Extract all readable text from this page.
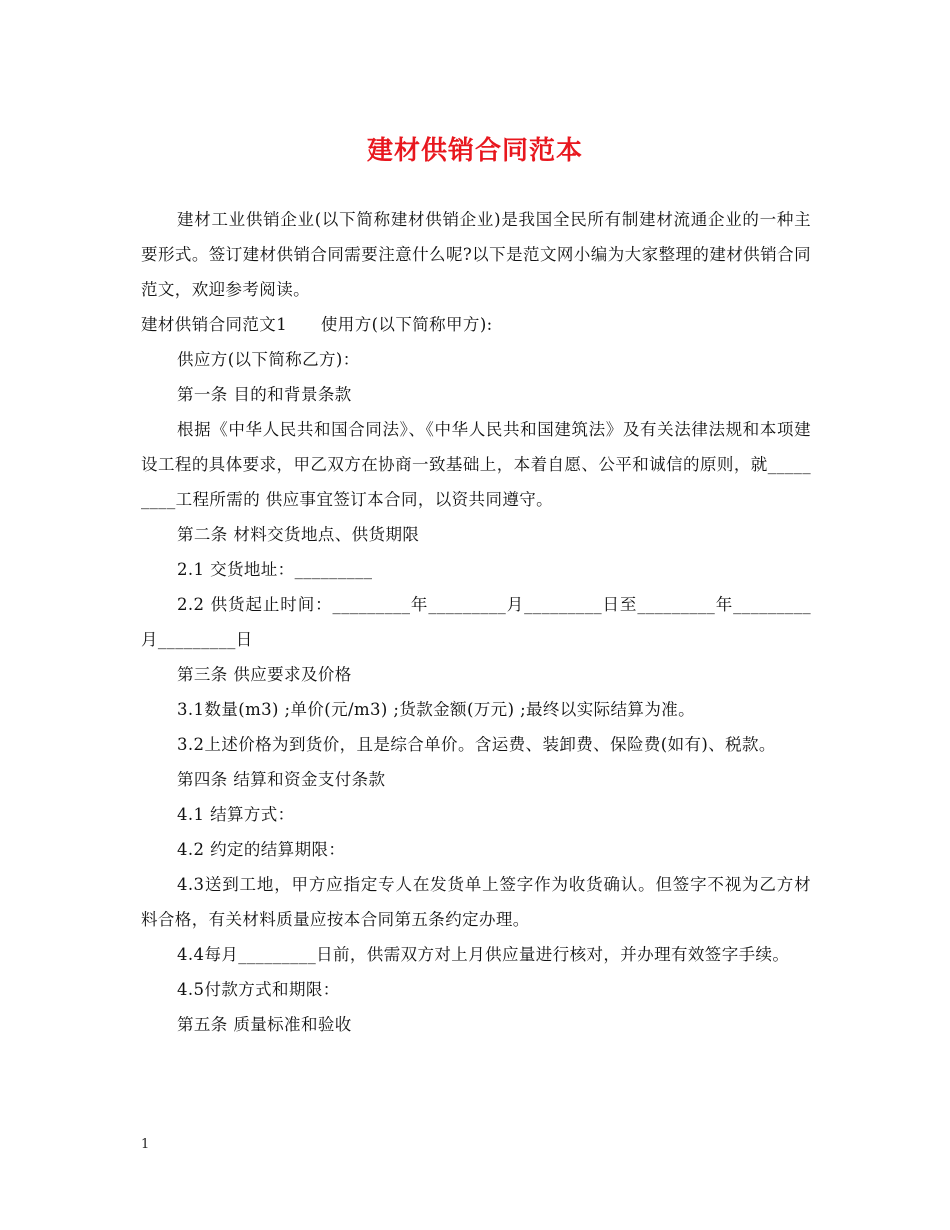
建材供销合同范本

建材工业供销企业(以下简称建材供销企业)是我国全民所有制建材流通企业的一种主要形式。签订建材供销合同需要注意什么呢?以下是范文网小编为大家整理的建材供销合同范文，欢迎参考阅读。

建材供销合同范文1　　使用方(以下简称甲方):

供应方(以下简称乙方)：

第一条 目的和背景条款

根据《中华人民共和国合同法》、《中华人民共和国建筑法》及有关法律法规和本项建设工程的具体要求，甲乙双方在协商一致基础上，本着自愿、公平和诚信的原则，就_________工程所需的 供应事宜签订本合同，以资共同遵守。

第二条 材料交货地点、供货期限

2.1 交货地址：_________

2.2 供货起止时间：_________年_________月_________日至_________年_________月_________日

第三条 供应要求及价格

3.1数量(m3) ;单价(元/m3) ;货款金额(万元) ;最终以实际结算为准。

3.2上述价格为到货价，且是综合单价。含运费、装卸费、保险费(如有)、税款。

第四条 结算和资金支付条款

4.1 结算方式：

4.2 约定的结算期限：

4.3送到工地，甲方应指定专人在发货单上签字作为收货确认。但签字不视为乙方材料合格，有关材料质量应按本合同第五条约定办理。

4.4每月_________日前，供需双方对上月供应量进行核对，并办理有效签字手续。

4.5付款方式和期限：

第五条 质量标准和验收

1
